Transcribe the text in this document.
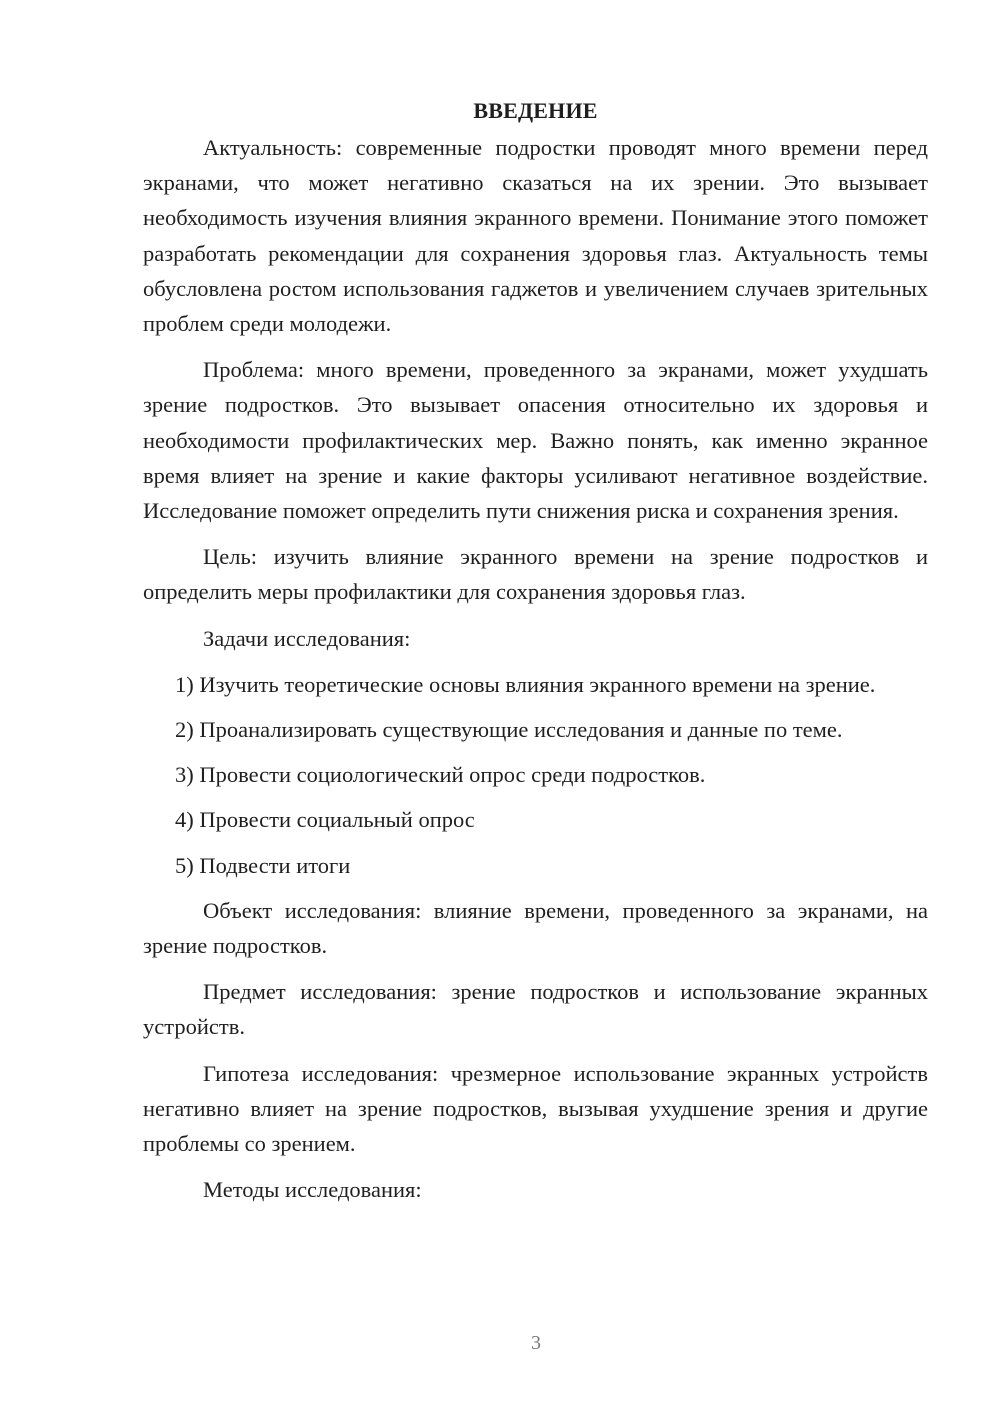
ВВЕДЕНИЕ

Актуальность: современные подростки проводят много времени перед экранами, что может негативно сказаться на их зрении. Это вызывает необходимость изучения влияния экранного времени. Понимание этого поможет разработать рекомендации для сохранения здоровья глаз. Актуальность темы обусловлена ростом использования гаджетов и увеличением случаев зрительных проблем среди молодежи.

Проблема: много времени, проведенного за экранами, может ухудшать зрение подростков. Это вызывает опасения относительно их здоровья и необходимости профилактических мер. Важно понять, как именно экранное время влияет на зрение и какие факторы усиливают негативное воздействие. Исследование поможет определить пути снижения риска и сохранения зрения.

Цель: изучить влияние экранного времени на зрение подростков и определить меры профилактики для сохранения здоровья глаз.

Задачи исследования:

1) Изучить теоретические основы влияния экранного времени на зрение.

2) Проанализировать существующие исследования и данные по теме.

3) Провести социологический опрос среди подростков.

4) Провести социальный опрос

5) Подвести итоги

Объект исследования: влияние времени, проведенного за экранами, на зрение подростков.

Предмет исследования: зрение подростков и использование экранных устройств.

Гипотеза исследования: чрезмерное использование экранных устройств негативно влияет на зрение подростков, вызывая ухудшение зрения и другие проблемы со зрением.

Методы исследования:

3
